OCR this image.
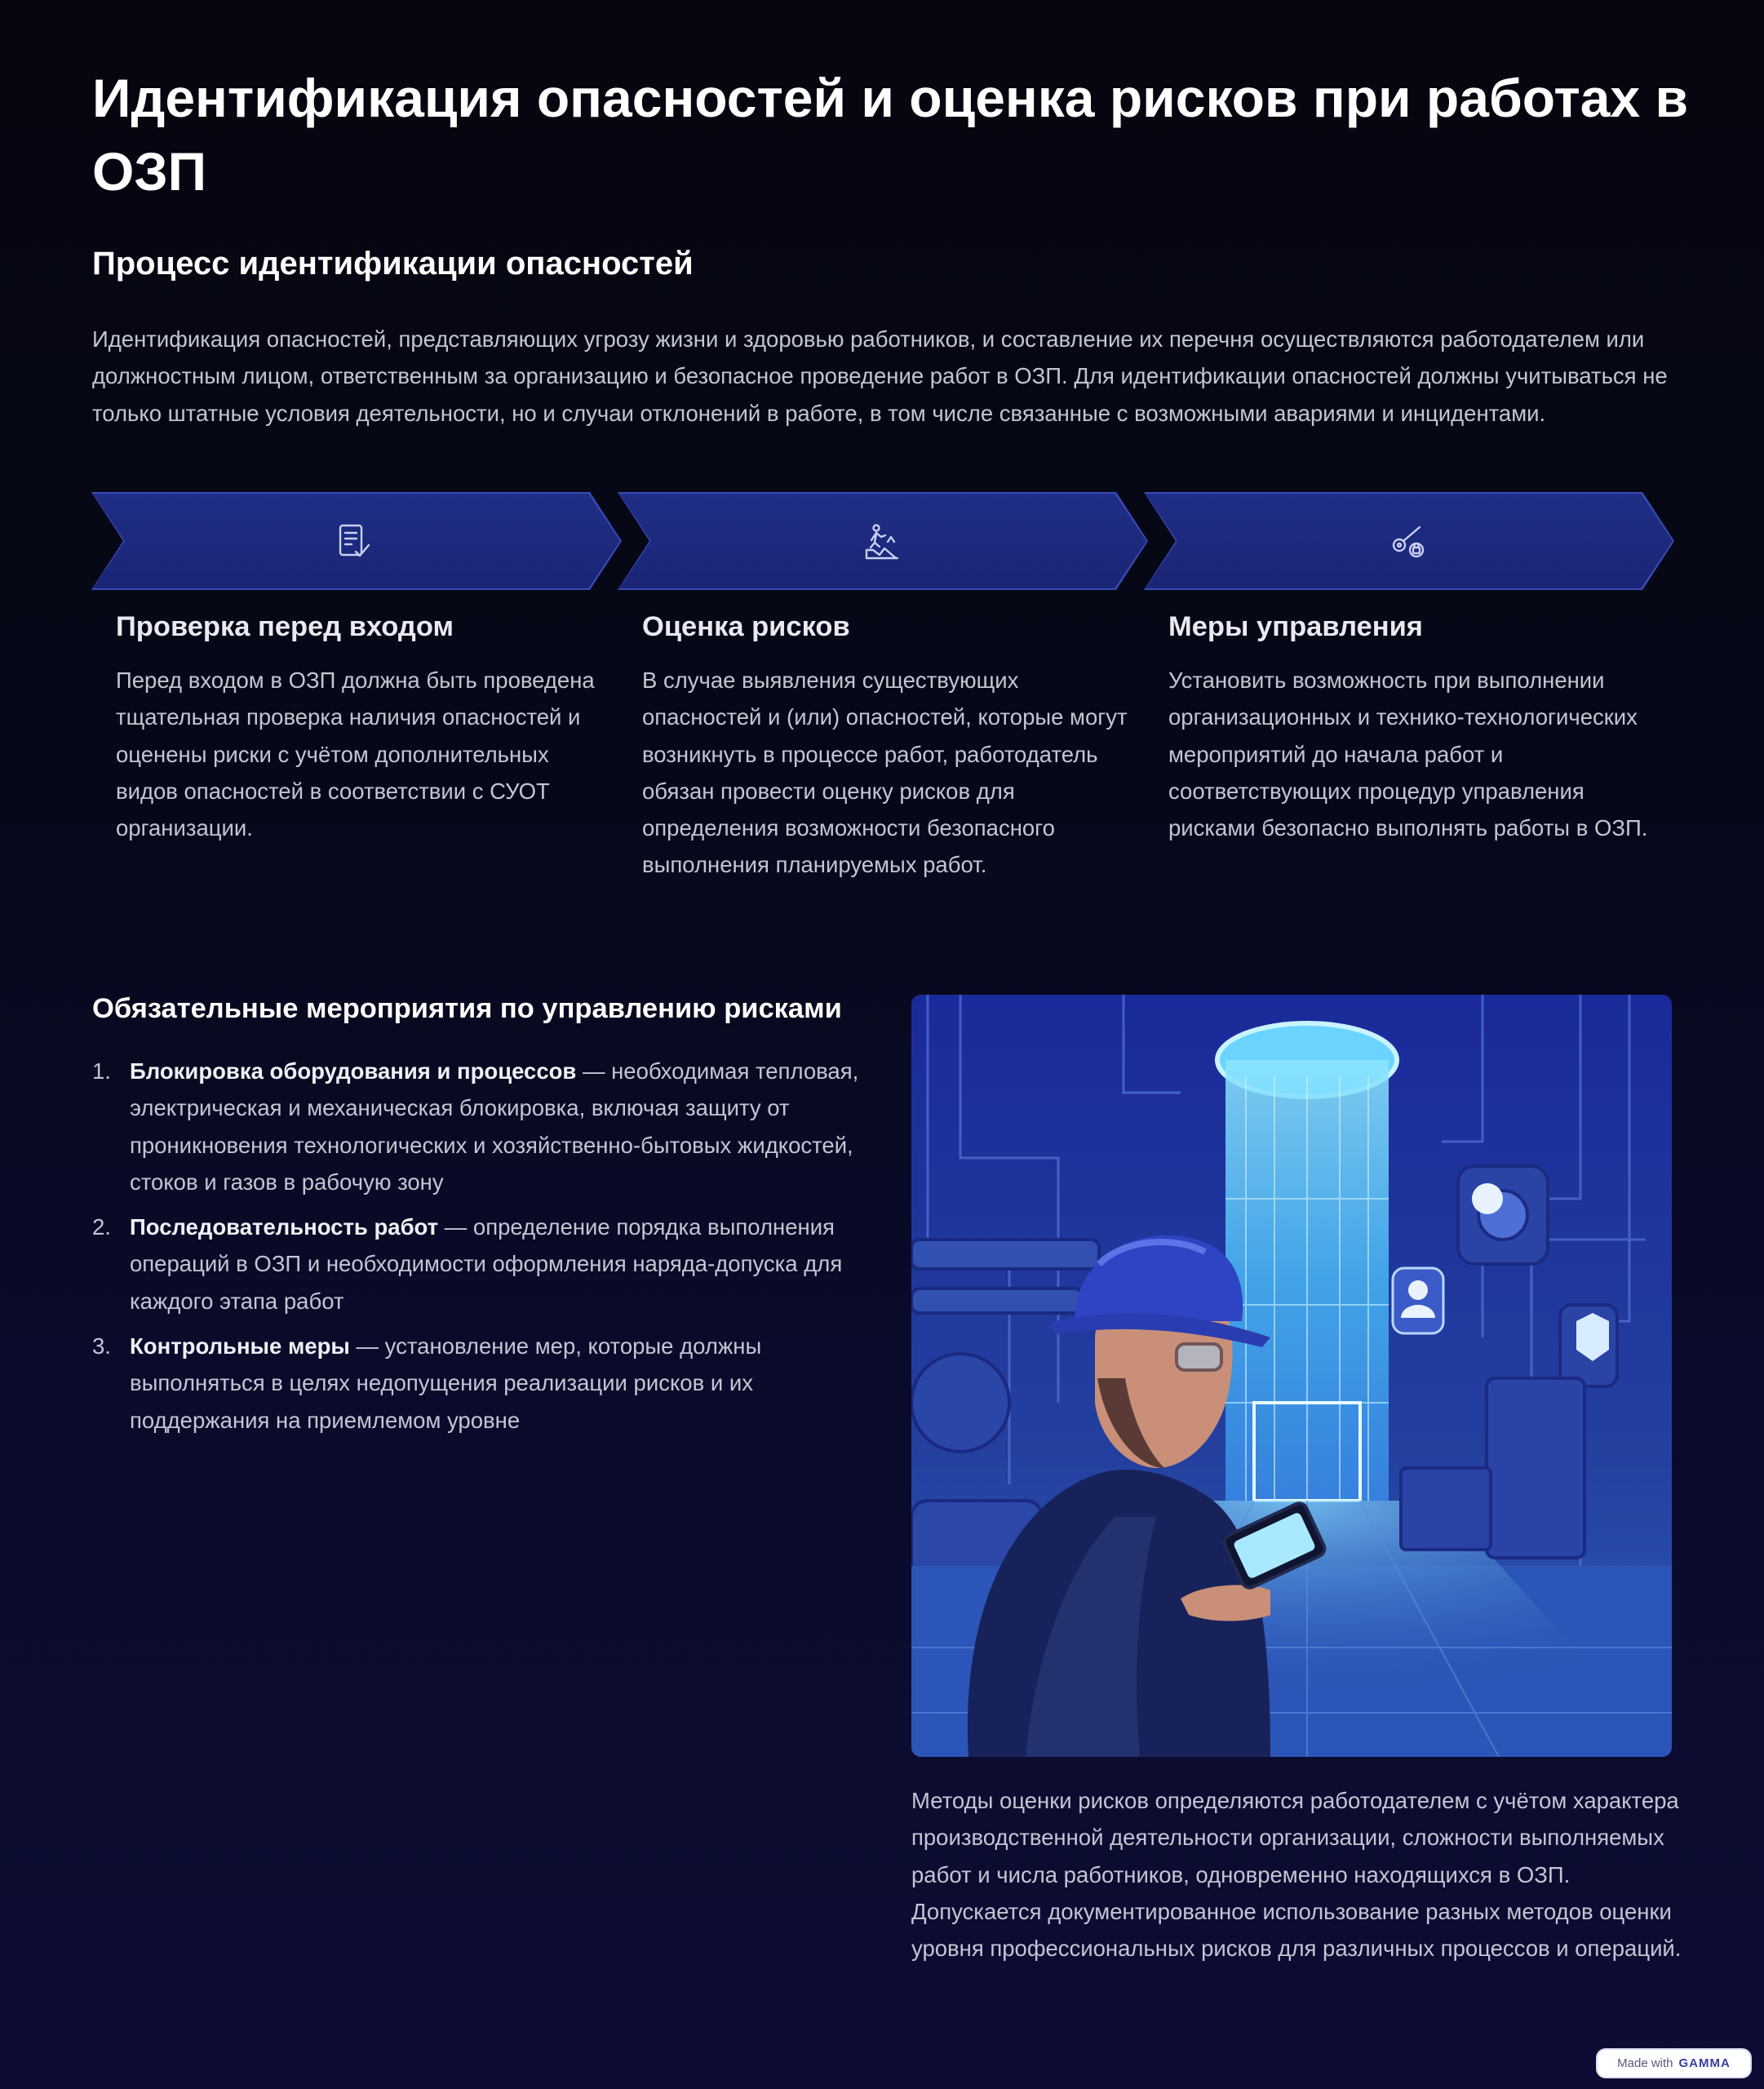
Идентификация опасностей и оценка рисков при работах в ОЗП
Процесс идентификации опасностей

Идентификация опасностей, представляющих угрозу жизни и здоровью работников, и составление их перечня осуществляются работодателем или должностным лицом, ответственным за организацию и безопасное проведение работ в ОЗП. Для идентификации опасностей должны учитываться не только штатные условия деятельности, но и случаи отклонений в работе, в том числе связанные с возможными авариями и инцидентами.

Проверка перед входом

Перед входом в ОЗП должна быть проведена тщательная проверка наличия опасностей и оценены риски с учётом дополнительных видов опасностей в соответствии с СУОТ организации.

Оценка рисков

В случае выявления существующих опасностей и (или) опасностей, которые могут возникнуть в процессе работ, работодатель обязан провести оценку рисков для определения возможности безопасного выполнения планируемых работ.

Меры управления

Установить возможность при выполнении организационных и технико-технологических мероприятий до начала работ и соответствующих процедур управления рисками безопасно выполнять работы в ОЗП.

Обязательные мероприятия по управлению рисками
1. Блокировка оборудования и процессов — необходимая тепловая, электрическая и механическая блокировка, включая защиту от проникновения технологических и хозяйственно-бытовых жидкостей, стоков и газов в рабочую зону
2. Последовательность работ — определение порядка выполнения операций в ОЗП и необходимости оформления наряда-допуска для каждого этапа работ
3. Контрольные меры — установление мер, которые должны выполняться в целях недопущения реализации рисков и их поддержания на приемлемом уровне

Методы оценки рисков определяются работодателем с учётом характера производственной деятельности организации, сложности выполняемых работ и числа работников, одновременно находящихся в ОЗП. Допускается документированное использование разных методов оценки уровня профессиональных рисков для различных процессов и операций.

Made with GAMMA
